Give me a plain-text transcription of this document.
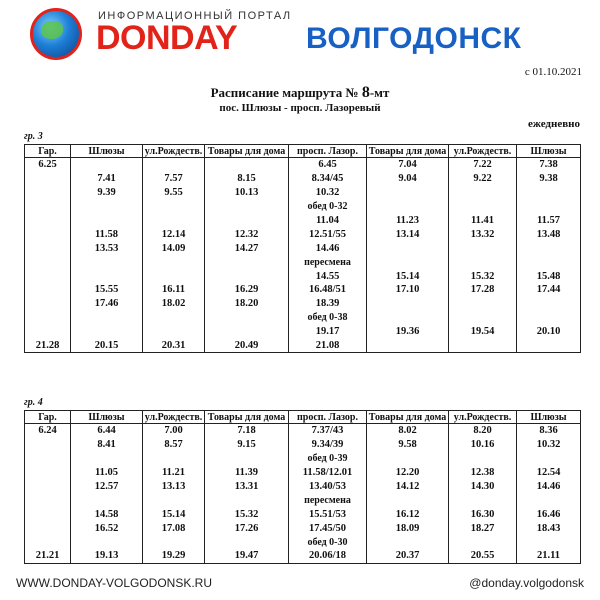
ИНФОРМАЦИОННЫЙ ПОРТАЛ
DONDAY ВОЛГОДОНСК
с 01.10.2021
Расписание маршрута № 8-мт
пос. Шлюзы - просп. Лазоревый
ежедневно
гр. 3
Гар.	Шлюзы	ул.Рождеств.	Товары для дома	просп. Лазор.	Товары для дома	ул.Рождеств.	Шлюзы
6.25				6.45	7.04	7.22	7.38
	7.41	7.57	8.15	8.34/45	9.04	9.22	9.38
	9.39	9.55	10.13	10.32			
				обед 0-32			
				11.04	11.23	11.41	11.57
	11.58	12.14	12.32	12.51/55	13.14	13.32	13.48
	13.53	14.09	14.27	14.46			
				пересмена			
				14.55	15.14	15.32	15.48
	15.55	16.11	16.29	16.48/51	17.10	17.28	17.44
	17.46	18.02	18.20	18.39			
				обед 0-38			
				19.17	19.36	19.54	20.10
21.28	20.15	20.31	20.49	21.08			
гр. 4
Гар.	Шлюзы	ул.Рождеств.	Товары для дома	просп. Лазор.	Товары для дома	ул.Рождеств.	Шлюзы
6.24	6.44	7.00	7.18	7.37/43	8.02	8.20	8.36
	8.41	8.57	9.15	9.34/39	9.58	10.16	10.32
				обед 0-39			
	11.05	11.21	11.39	11.58/12.01	12.20	12.38	12.54
	12.57	13.13	13.31	13.40/53	14.12	14.30	14.46
				пересмена			
	14.58	15.14	15.32	15.51/53	16.12	16.30	16.46
	16.52	17.08	17.26	17.45/50	18.09	18.27	18.43
				обед 0-30			
21.21	19.13	19.29	19.47	20.06/18	20.37	20.55	21.11
WWW.DONDAY-VOLGODONSK.RU	@donday.volgodonsk
